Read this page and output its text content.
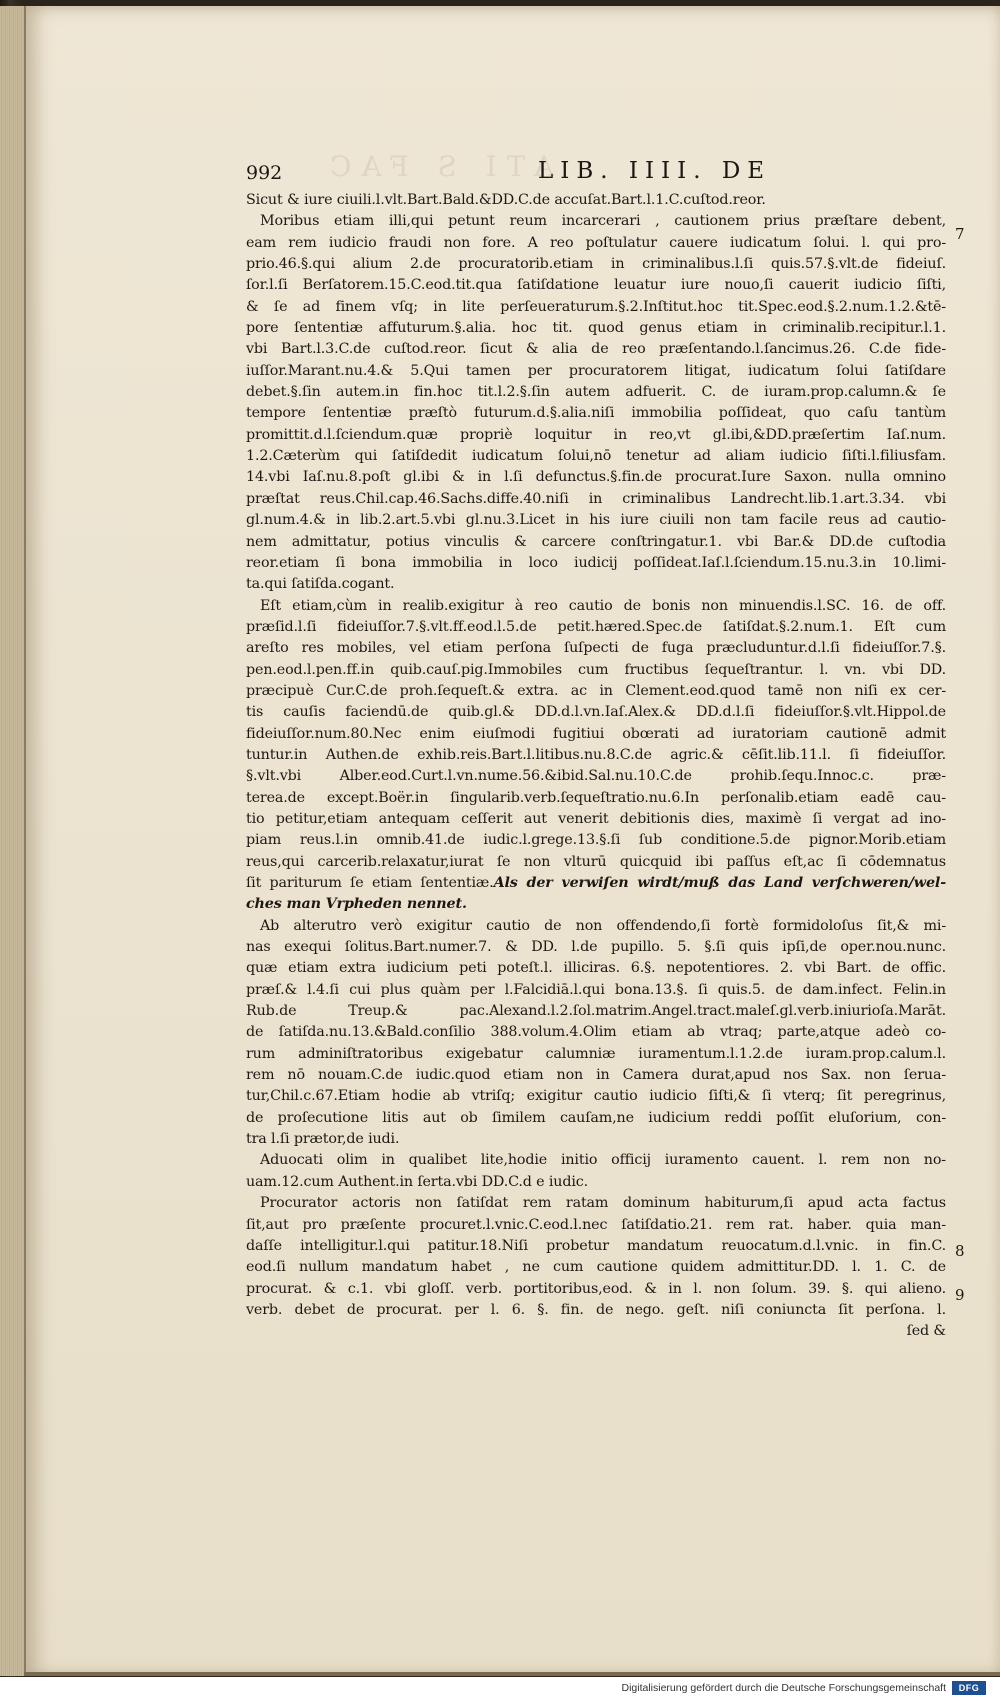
ATI S FAC
992	LIB. IIII. DE
Sicut & iure ciuili.l.vlt.Bart.Bald.&DD.C.de accuſat.Bart.l.1.C.cuſtod.reor.
Moribus etiam illi,qui petunt reum incarcerari , cautionem prius præſtare debent,
eam rem iudicio fraudi non fore. A reo poſtulatur cauere iudicatum ſolui. l. qui pro-
prio.46.§.qui alium 2.de procuratorib.etiam in criminalibus.l.ſi quis.57.§.vlt.de fideiuſ.
ſor.l.ſi Berſatorem.15.C.eod.tit.qua ſatiſdatione leuatur iure nouo,ſi cauerit iudicio ſiſti,
& ſe ad finem vſq; in lite perſeueraturum.§.2.Inſtitut.hoc tit.Spec.eod.§.2.num.1.2.&tē-
pore ſententiæ affuturum.§.alia. hoc tit. quod genus etiam in criminalib.recipitur.l.1.
vbi Bart.l.3.C.de cuſtod.reor. ſicut & alia de reo præſentando.l.ſancimus.26. C.de fide-
iuſſor.Marant.nu.4.& 5.Qui tamen per procuratorem litigat, iudicatum ſolui ſatiſdare
debet.§.ſin autem.in fin.hoc tit.l.2.§.ſin autem adfuerit. C. de iuram.prop.calumn.& ſe
tempore ſententiæ præſtò futurum.d.§.alia.niſi immobilia poſſideat, quo caſu tantùm
promittit.d.l.ſciendum.quæ propriè loquitur in reo,vt gl.ibi,&DD.præſertim Iaſ.num.
1.2.Cæterùm qui ſatiſdedit iudicatum ſolui,nō tenetur ad aliam iudicio ſiſti.l.filiusfam.
14.vbi Iaſ.nu.8.poſt gl.ibi & in l.ſi defunctus.§.fin.de procurat.Iure Saxon. nulla omnino
præſtat reus.Chil.cap.46.Sachs.diffe.40.niſi in criminalibus Landrecht.lib.1.art.3.34. vbi
gl.num.4.& in lib.2.art.5.vbi gl.nu.3.Licet in his iure ciuili non tam facile reus ad cautio-
nem admittatur, potius vinculis & carcere conſtringatur.1. vbi Bar.& DD.de cuſtodia
reor.etiam ſi bona immobilia in loco iudicij poſſideat.Iaſ.l.ſciendum.15.nu.3.in 10.limi-
ta.qui ſatiſda.cogant.
Eſt etiam,cùm in realib.exigitur à reo cautio de bonis non minuendis.l.SC. 16. de off.
præſid.l.ſi fideiuſſor.7.§.vlt.ff.eod.l.5.de petit.hæred.Spec.de ſatiſdat.§.2.num.1. Eſt cum
areſto res mobiles, vel etiam perſona ſuſpecti de fuga præcluduntur.d.l.ſi fideiuſſor.7.§.
pen.eod.l.pen.ff.in quib.cauſ.pig.Immobiles cum fructibus ſequeſtrantur. l. vn. vbi DD.
præcipuè Cur.C.de proh.ſequeſt.& extra. ac in Clement.eod.quod tamē non niſi ex cer-
tis cauſis faciendū.de quib.gl.& DD.d.l.vn.Iaſ.Alex.& DD.d.l.ſi fideiuſſor.§.vlt.Hippol.de
fideiuſſor.num.80.Nec enim eiuſmodi fugitiui obœrati ad iuratoriam cautionē admit
tuntur.in Authen.de exhib.reis.Bart.l.litibus.nu.8.C.de agric.& cēſit.lib.11.l. ſi fideiuſſor.
§.vlt.vbi Alber.eod.Curt.l.vn.nume.56.&ibid.Sal.nu.10.C.de prohib.ſequ.Innoc.c. præ-
terea.de except.Boër.in ſingularib.verb.ſequeſtratio.nu.6.In perſonalib.etiam eadē cau-
tio petitur,etiam antequam ceſſerit aut venerit debitionis dies, maximè ſi vergat ad ino-
piam reus.l.in omnib.41.de iudic.l.grege.13.§.ſi ſub conditione.5.de pignor.Morib.etiam
reus,qui carcerib.relaxatur,iurat ſe non vlturū quicquid ibi paſſus eſt,ac ſi cōdemnatus
ſit pariturum ſe etiam ſententiæ.Als der verwiſen wirdt/muß das Land verſchweren/wel-
ches man Vrpheden nennet.
Ab alterutro verò exigitur cautio de non offendendo,ſi fortè formidoloſus ſit,& mi-
nas exequi ſolitus.Bart.numer.7. & DD. l.de pupillo. 5. §.ſi quis ipſi,de oper.nou.nunc.
quæ etiam extra iudicium peti poteſt.l. illiciras. 6.§. nepotentiores. 2. vbi Bart. de offic.
præſ.& l.4.ſi cui plus quàm per l.Falcidiā.l.qui bona.13.§. ſi quis.5. de dam.infect. Felin.in
Rub.de Treup.& pac.Alexand.l.2.ſol.matrim.Angel.tract.maleſ.gl.verb.iniurioſa.Marāt.
de ſatiſda.nu.13.&Bald.conſilio 388.volum.4.Olim etiam ab vtraq; parte,atque adeò co-
rum adminiſtratoribus exigebatur calumniæ iuramentum.l.1.2.de iuram.prop.calum.l.
rem nō nouam.C.de iudic.quod etiam non in Camera durat,apud nos Sax. non ſerua-
tur,Chil.c.67.Etiam hodie ab vtriſq; exigitur cautio iudicio ſiſti,& ſi vterq; ſit peregrinus,
de proſecutione litis aut ob ſimilem cauſam,ne iudicium reddi poſſit eluſorium, con-
tra l.ſi prætor,de iudi.
Aduocati olim in qualibet lite,hodie initio officij iuramento cauent. l. rem non no-
uam.12.cum Authent.in ſerta.vbi DD.C.d e iudic.
Procurator actoris non ſatiſdat rem ratam dominum habiturum,ſi apud acta factus
ſit,aut pro præſente procuret.l.vnic.C.eod.l.nec ſatiſdatio.21. rem rat. haber. quia man-
daſſe intelligitur.l.qui patitur.18.Niſi probetur mandatum reuocatum.d.l.vnic. in fin.C.
eod.ſi nullum mandatum habet , ne cum cautione quidem admittitur.DD. l. 1. C. de
procurat. & c.1. vbi gloſſ. verb. portitoribus,eod. & in l. non ſolum. 39. §. qui alieno.
verb. debet de procurat. per l. 6. §. fin. de nego. geſt. niſi coniuncta ſit perſona. l.
ſed &
7
8
9
Digitalisierung gefördert durch die Deutsche Forschungsgemeinschaft	DFG
